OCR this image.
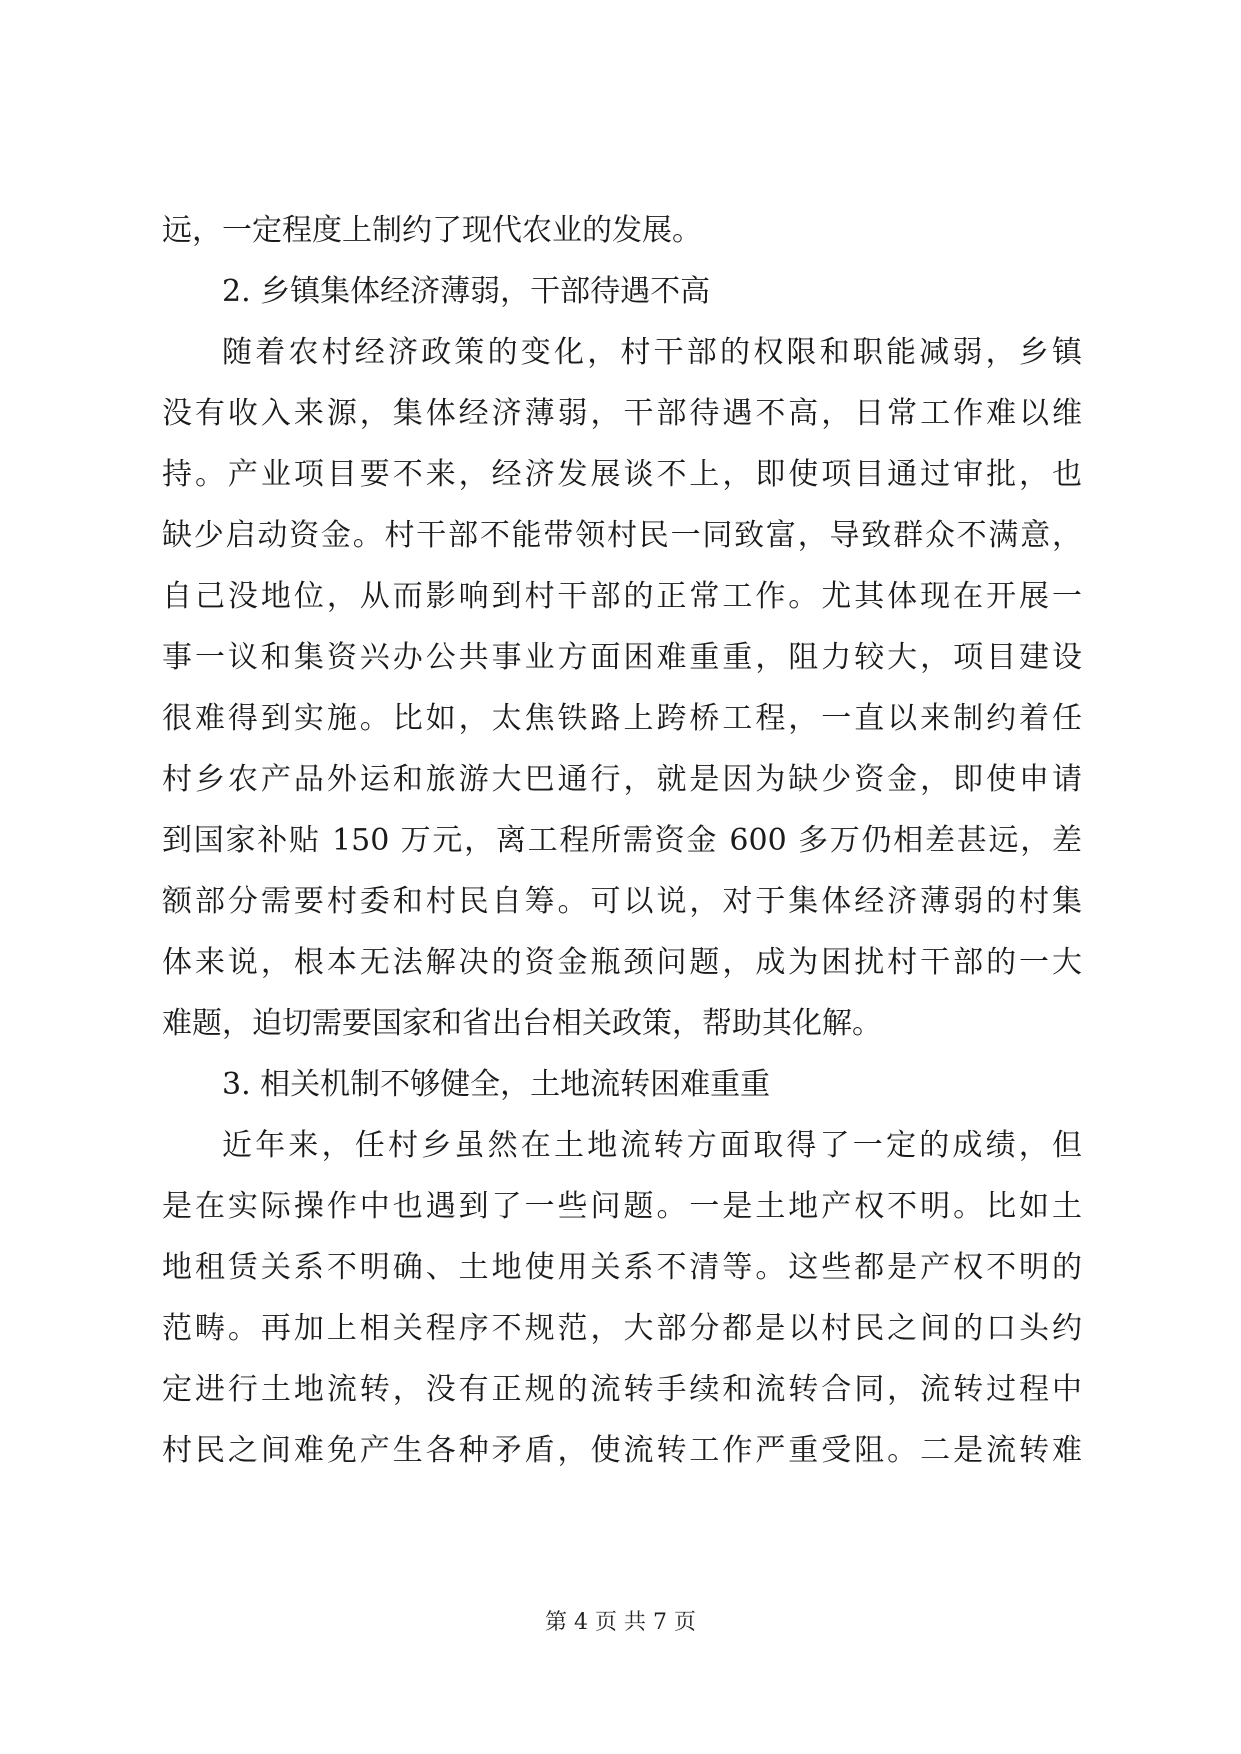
远，一定程度上制约了现代农业的发展。
2. 乡镇集体经济薄弱，干部待遇不高
随着农村经济政策的变化，村干部的权限和职能减弱，乡镇
没有收入来源，集体经济薄弱，干部待遇不高，日常工作难以维
持。产业项目要不来，经济发展谈不上，即使项目通过审批，也
缺少启动资金。村干部不能带领村民一同致富，导致群众不满意，
自己没地位，从而影响到村干部的正常工作。尤其体现在开展一
事一议和集资兴办公共事业方面困难重重，阻力较大，项目建设
很难得到实施。比如，太焦铁路上跨桥工程，一直以来制约着任
村乡农产品外运和旅游大巴通行，就是因为缺少资金，即使申请
到国家补贴 150 万元，离工程所需资金 600 多万仍相差甚远，差
额部分需要村委和村民自筹。可以说，对于集体经济薄弱的村集
体来说，根本无法解决的资金瓶颈问题，成为困扰村干部的一大
难题，迫切需要国家和省出台相关政策，帮助其化解。
3. 相关机制不够健全，土地流转困难重重
近年来，任村乡虽然在土地流转方面取得了一定的成绩，但
是在实际操作中也遇到了一些问题。一是土地产权不明。比如土
地租赁关系不明确、土地使用关系不清等。这些都是产权不明的
范畴。再加上相关程序不规范，大部分都是以村民之间的口头约
定进行土地流转，没有正规的流转手续和流转合同，流转过程中
村民之间难免产生各种矛盾，使流转工作严重受阻。二是流转难
第 4 页 共 7 页
